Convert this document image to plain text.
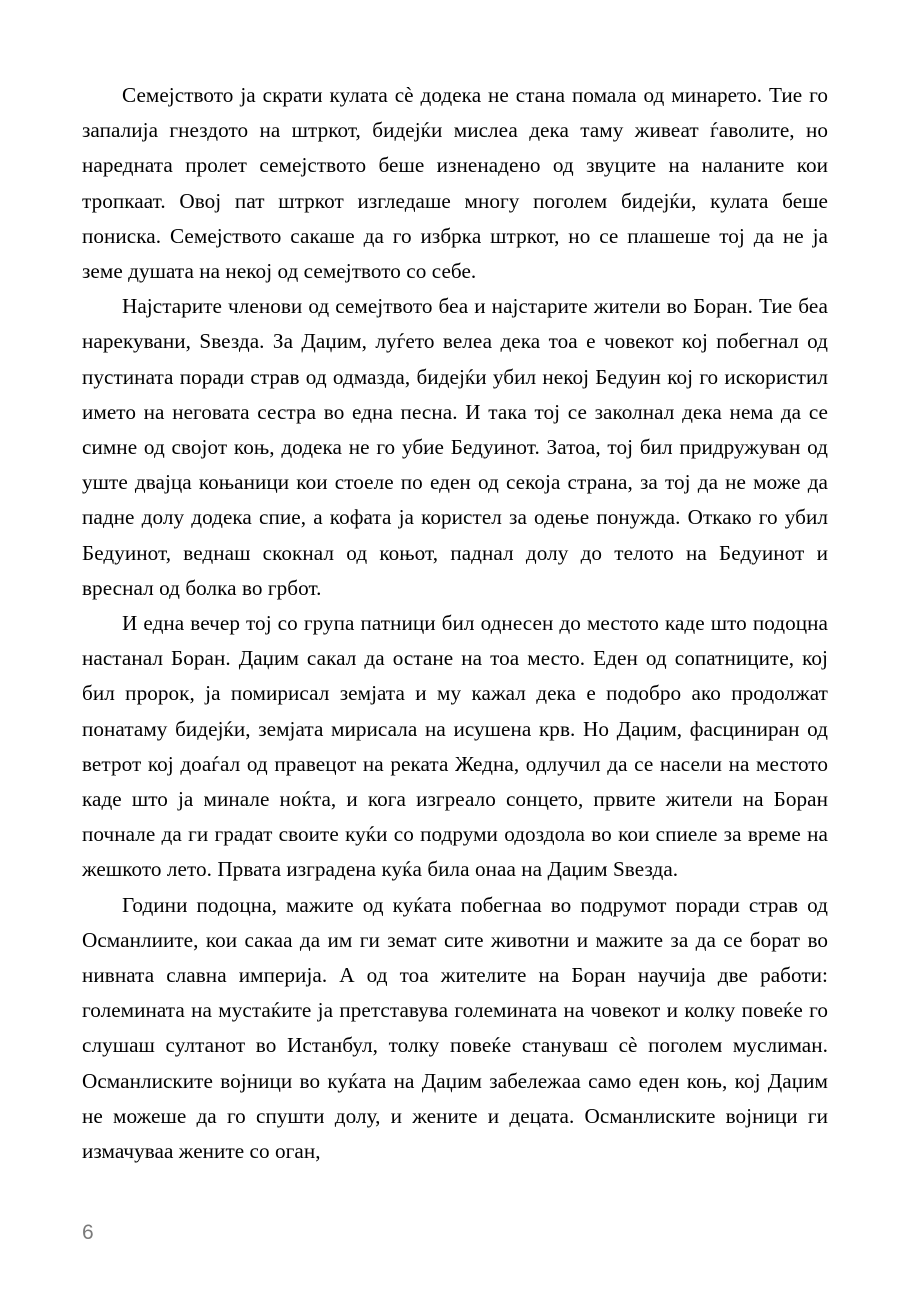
Семејството ја скрати кулата сѐ додека не стана помала од минарето. Тие го запалија гнездото на штркот, бидејќи мислеа дека таму живеат ѓаволите, но наредната пролет семејството беше изненадено од звуците на наланите кои тропкаат. Овој пат штркот изгледаше многу поголем бидејќи, кулата беше пониска. Семејството сакаше да го избрка штркот, но се плашеше тој да не ја земе душата на некој од семејтвото со себе.

Најстарите членови од семејтвото беа и најстарите жители во Боран. Тие беа нарекувани, Ѕвезда. За Даџим, луѓето велеа дека тоа е човекот кој побегнал од пустината поради страв од одмазда, бидејќи убил некој Бедуин кој го искористил името на неговата сестра во една песна. И така тој се заколнал дека нема да се симне од својот коњ, додека не го убие Бедуинот. Затоа, тој бил придружуван од уште двајца коњаници кои стоеле по еден од секоја страна, за тој да не може да падне долу додека спие, а кофата ја користел за одење понужда. Откако го убил Бедуинот, веднаш скокнал од коњот, паднал долу до телото на Бедуинот и вреснал од болка во грбот.

И една вечер тој со група патници бил однесен до местото каде што подоцна настанал Боран. Даџим сакал да остане на тоа место. Еден од сопатниците, кој бил пророк, ја помирисал земјата и му кажал дека е подобро ако продолжат понатаму бидејќи, земјата мирисала на исушена крв. Но Даџим, фасциниран од ветрот кој доаѓал од правецот на реката Жедна, одлучил да се насели на местото каде што ја минале ноќта, и кога изгреало сонцето, првите жители на Боран почнале да ги градат своите куќи со подруми одоздола во кои спиеле за време на жешкото лето. Првата изградена куќа била онаа на Даџим Ѕвезда.

Години подоцна, мажите од куќата побегнаа во подрумот поради страв од Османлиите, кои сакаа да им ги земат сите животни и мажите за да се борат во нивната славна империја. А од тоа жителите на Боран научија две работи: големината на мустаќите ја претставува големината на човекот и колку повеќе го слушаш султанот во Истанбул, толку повеќе стануваш сѐ поголем муслиман. Османлиските војници во куќата на Даџим забележаа само еден коњ, кој Даџим не можеше да го спушти долу, и жените и децата. Османлиските војници ги измачуваа жените со оган,

6
